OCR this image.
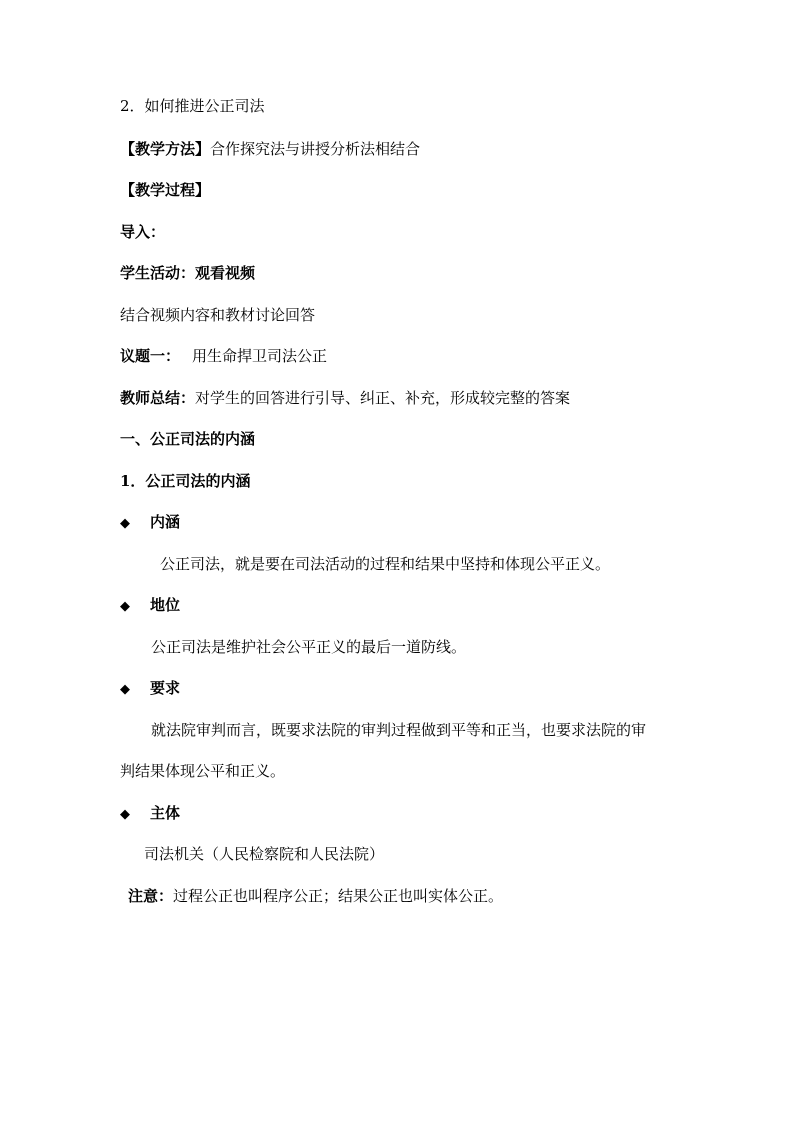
2．如何推进公正司法
【教学方法】合作探究法与讲授分析法相结合
【教学过程】
导入：
学生活动：观看视频
结合视频内容和教材讨论回答
议题一： 用生命捍卫司法公正
教师总结：对学生的回答进行引导、纠正、补充，形成较完整的答案
一、公正司法的内涵
1．公正司法的内涵
◆ 内涵
公正司法，就是要在司法活动的过程和结果中坚持和体现公平正义。
◆ 地位
公正司法是维护社会公平正义的最后一道防线。
◆ 要求
就法院审判而言，既要求法院的审判过程做到平等和正当，也要求法院的审
判结果体现公平和正义。
◆ 主体
司法机关（人民检察院和人民法院）
注意：过程公正也叫程序公正；结果公正也叫实体公正。
